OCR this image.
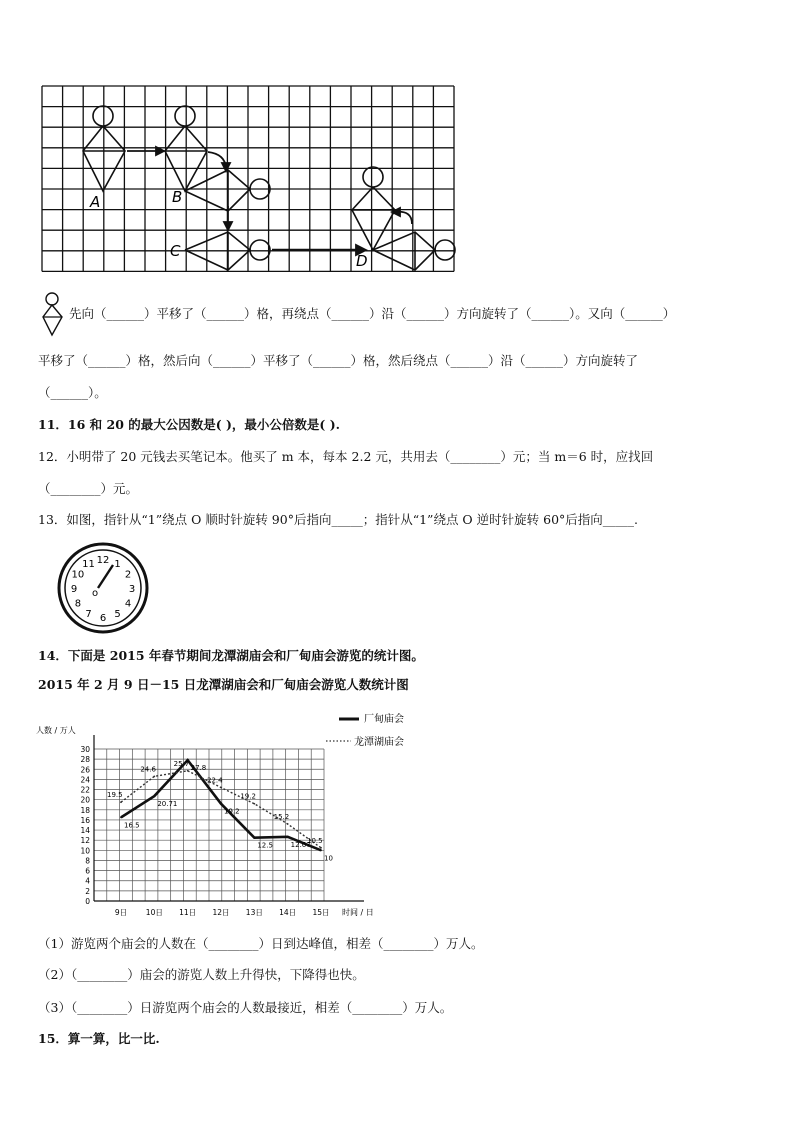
A	B
C
D
先向（______）平移了（______）格，再绕点（______）沿（______）方向旋转了（______）。又向（______）
平移了（______）格，然后向（______）平移了（______）格，然后绕点（______）沿（______）方向旋转了
（______）。
11．16 和 20 的最大公因数是( )，最小公倍数是( ).
12．小明带了 20 元钱去买笔记本。他买了 m 本，每本 2.2 元，共用去（________）元；当 m＝6 时，应找回
（________）元。
13．如图，指针从“1”绕点 O 顺时针旋转 90°后指向_____；指针从“1”绕点 O 逆时针旋转 60°后指向_____.
12 1
2
3
4
5
6
7
8
9
10
11
o
14．下面是 2015 年春节期间龙潭湖庙会和厂甸庙会游览的统计图。
2015 年 2 月 9 日－15 日龙潭湖庙会和厂甸庙会游览人数统计图
0
2
4
6
8
10
12
14
16
18
20
22
24
26
28
30
9日 10日 11日 12日 13日 14日 15日
人数 / 万人
时间 / 日
16.5
20.71
27.8
19.2
12.5	12.67
10
19.5
24.6
25.7
22.4
19.2
15.2
10.5
厂甸庙会
龙潭湖庙会
（1）游览两个庙会的人数在（________）日到达峰值，相差（________）万人。
（2）（________）庙会的游览人数上升得快，下降得也快。
（3）（________）日游览两个庙会的人数最接近，相差（________）万人。
15．算一算，比一比.
